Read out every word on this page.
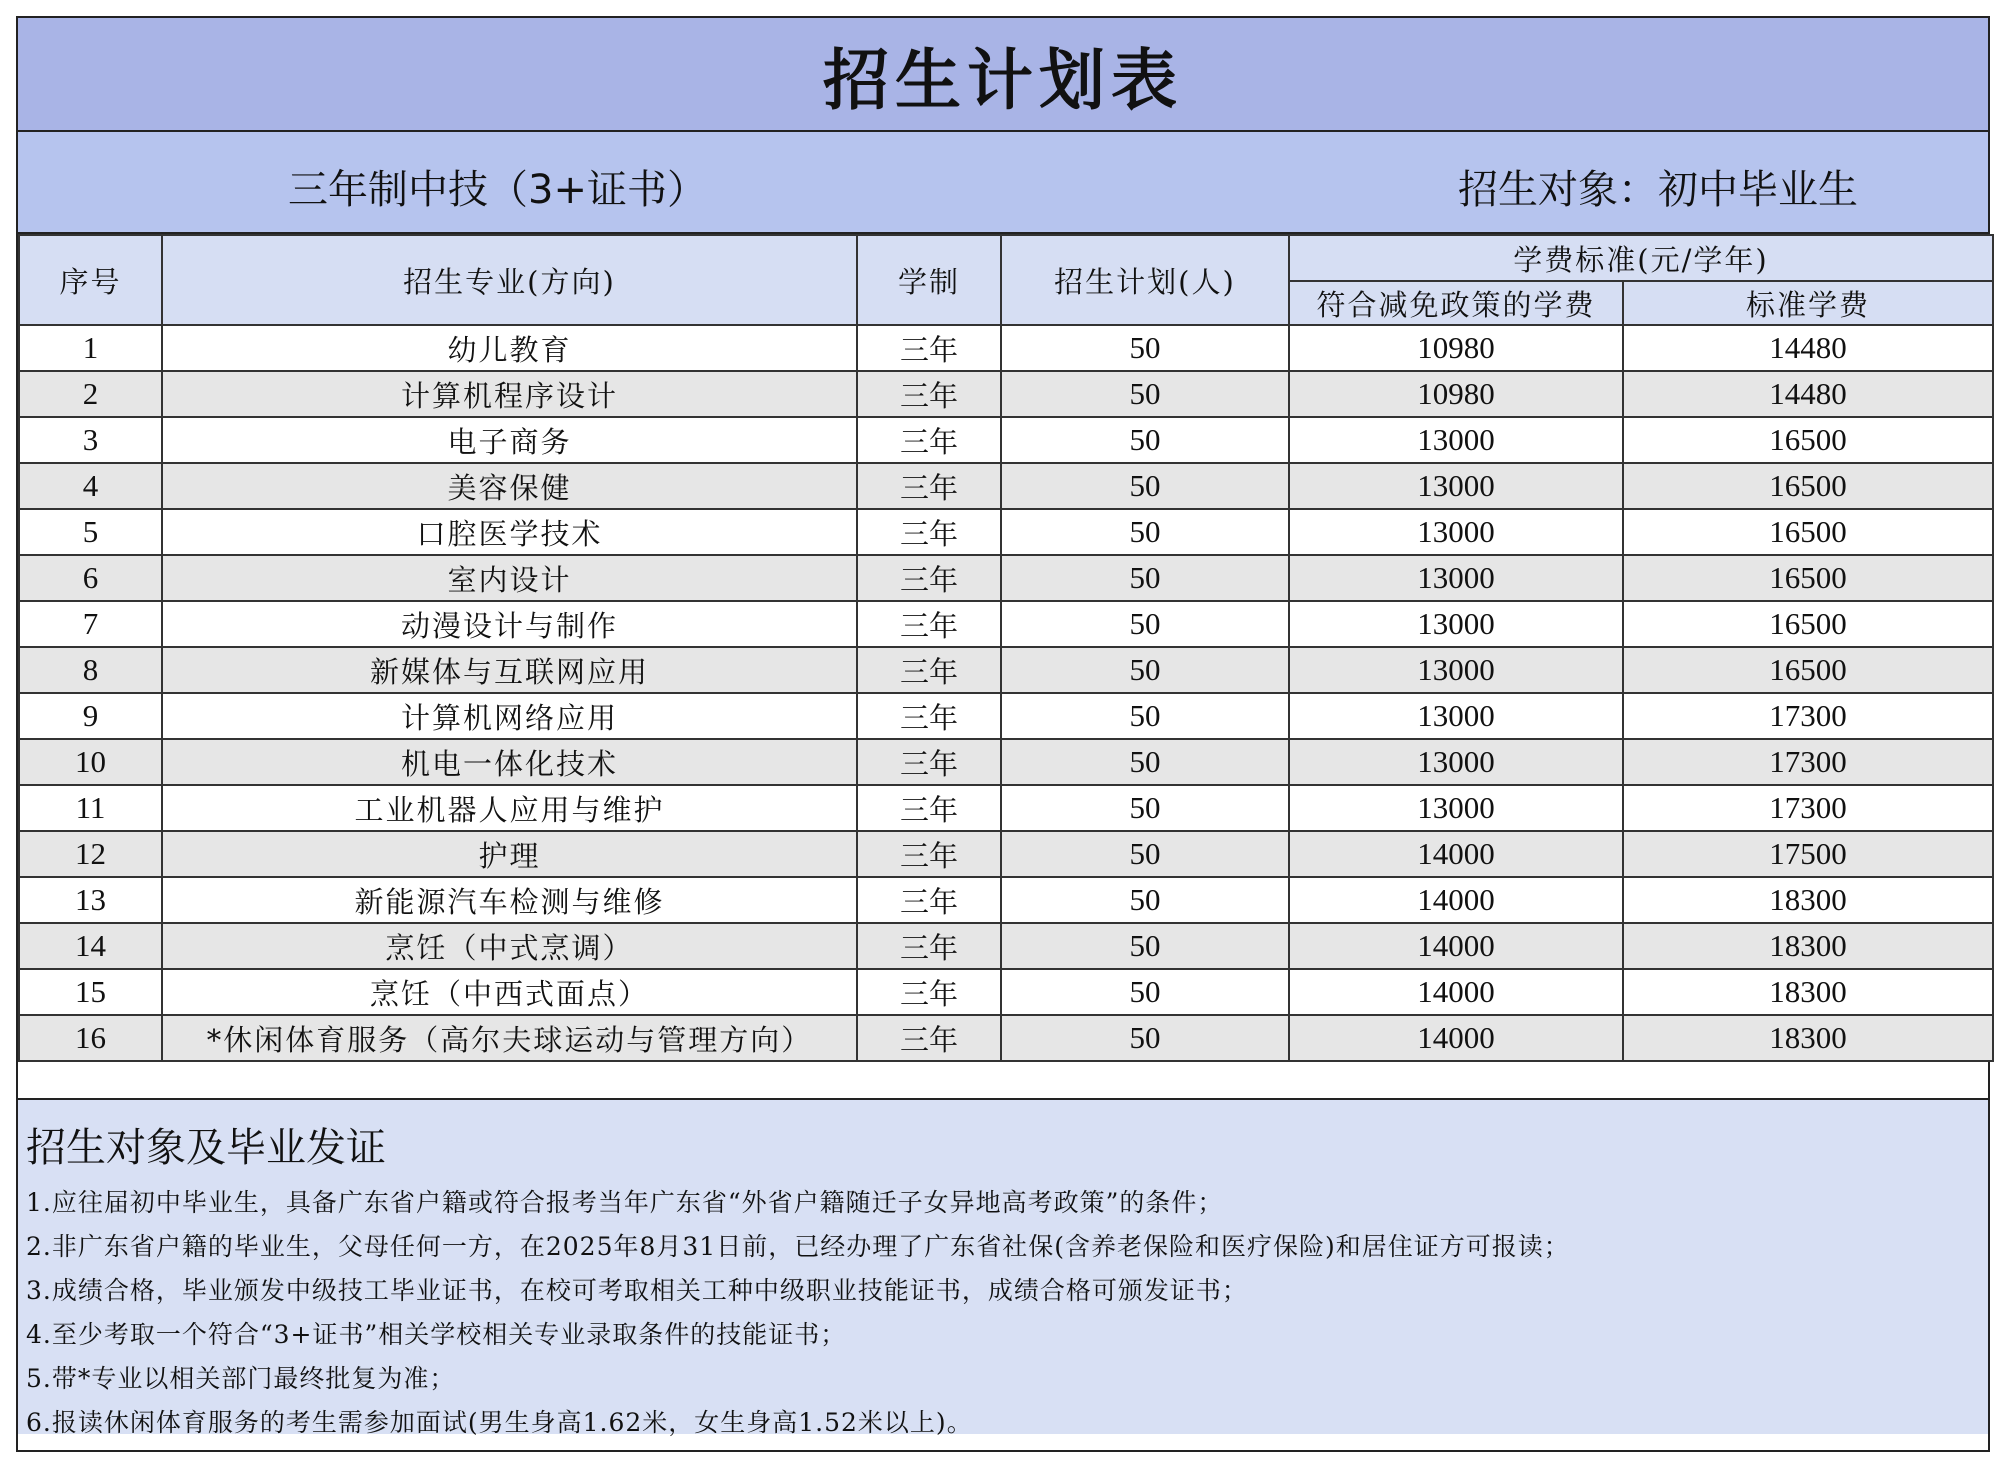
招生计划表
三年制中技（3+证书）	招生对象：初中毕业生
序号	招生专业(方向)	学制	招生计划(人)	学费标准(元/学年)	
				符合减免政策的学费	标准学费
1	幼儿教育	三年	50	10980	14480
2	计算机程序设计	三年	50	10980	14480
3	电子商务	三年	50	13000	16500
4	美容保健	三年	50	13000	16500
5	口腔医学技术	三年	50	13000	16500
6	室内设计	三年	50	13000	16500
7	动漫设计与制作	三年	50	13000	16500
8	新媒体与互联网应用	三年	50	13000	16500
9	计算机网络应用	三年	50	13000	17300
10	机电一体化技术	三年	50	13000	17300
11	工业机器人应用与维护	三年	50	13000	17300
12	护理	三年	50	14000	17500
13	新能源汽车检测与维修	三年	50	14000	18300
14	烹饪（中式烹调）	三年	50	14000	18300
15	烹饪（中西式面点）	三年	50	14000	18300
16	*休闲体育服务（高尔夫球运动与管理方向）	三年	50	14000	18300
招生对象及毕业发证
1.应往届初中毕业生，具备广东省户籍或符合报考当年广东省“外省户籍随迁子女异地高考政策”的条件；
2.非广东省户籍的毕业生，父母任何一方，在2025年8月31日前，已经办理了广东省社保(含养老保险和医疗保险)和居住证方可报读；
3.成绩合格，毕业颁发中级技工毕业证书，在校可考取相关工种中级职业技能证书，成绩合格可颁发证书；
4.至少考取一个符合“3+证书”相关学校相关专业录取条件的技能证书；
5.带*专业以相关部门最终批复为准；
6.报读休闲体育服务的考生需参加面试(男生身高1.62米，女生身高1.52米以上)。
